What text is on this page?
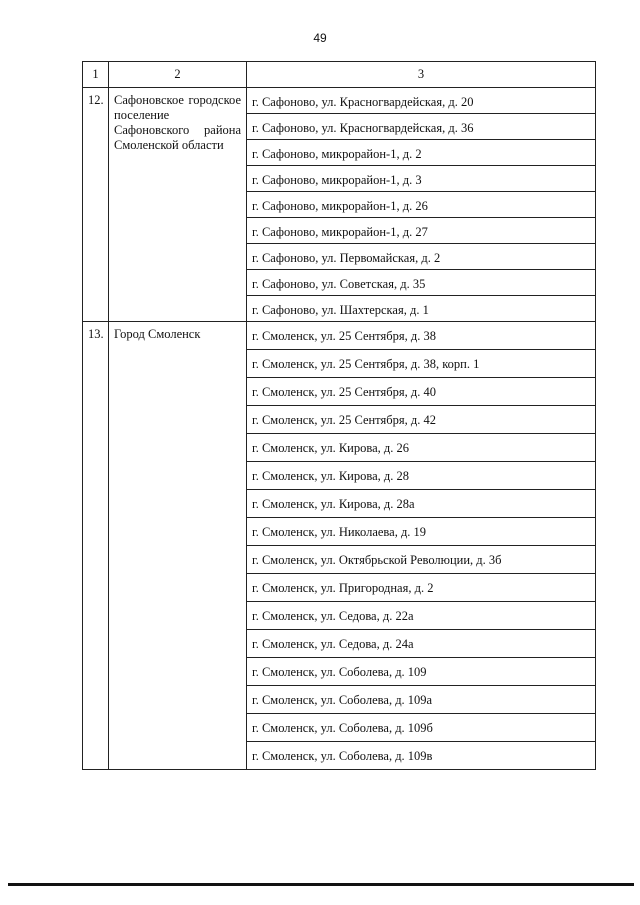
49
1	2	3
12.	Сафоновское городское поселение Сафоновского района Смоленской области	г. Сафоново, ул. Красногвардейская, д. 20
		г. Сафоново, ул. Красногвардейская, д. 36
		г. Сафоново, микрорайон-1, д. 2
		г. Сафоново, микрорайон-1, д. 3
		г. Сафоново, микрорайон-1, д. 26
		г. Сафоново, микрорайон-1, д. 27
		г. Сафоново, ул. Первомайская, д. 2
		г. Сафоново, ул. Советская, д. 35
		г. Сафоново, ул. Шахтерская, д. 1
13.	Город Смоленск	г. Смоленск, ул. 25 Сентября, д. 38
		г. Смоленск, ул. 25 Сентября, д. 38, корп. 1
		г. Смоленск, ул. 25 Сентября, д. 40
		г. Смоленск, ул. 25 Сентября, д. 42
		г. Смоленск, ул. Кирова, д. 26
		г. Смоленск, ул. Кирова, д. 28
		г. Смоленск, ул. Кирова, д. 28а
		г. Смоленск, ул. Николаева, д. 19
		г. Смоленск, ул. Октябрьской Революции, д. 3б
		г. Смоленск, ул. Пригородная, д. 2
		г. Смоленск, ул. Седова, д. 22а
		г. Смоленск, ул. Седова, д. 24а
		г. Смоленск, ул. Соболева, д. 109
		г. Смоленск, ул. Соболева, д. 109а
		г. Смоленск, ул. Соболева, д. 109б
		г. Смоленск, ул. Соболева, д. 109в
